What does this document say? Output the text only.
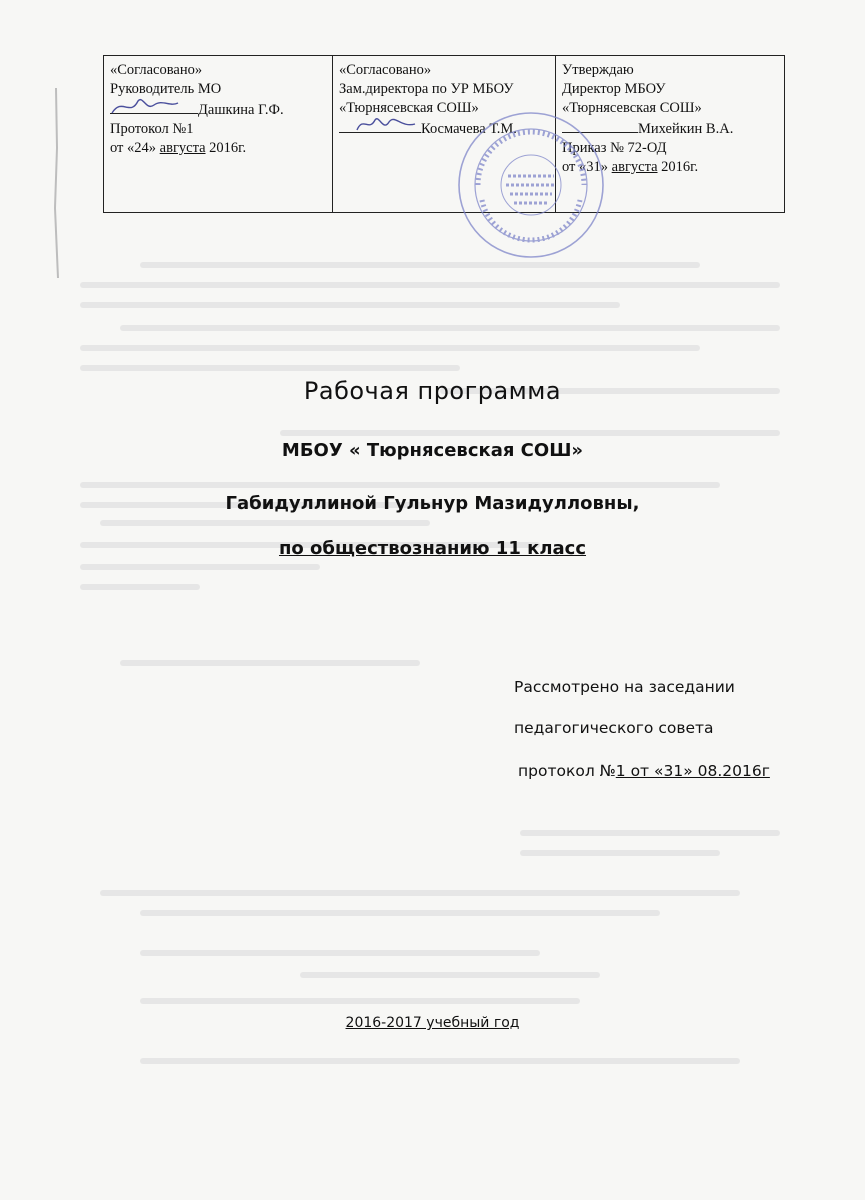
«Согласовано»
Руководитель МО
Дашкина Г.Ф.
Протокол №1
от «24» августа 2016г.

«Согласовано»
Зам.директора по УР МБОУ
«Тюрнясевская СОШ»
Космачева Т.М.

Утверждаю
Директор МБОУ
«Тюрнясевская СОШ»
Михейкин В.А.
Приказ № 72-ОД
от «31» августа 2016г.
Рабочая программа
МБОУ « Тюрнясевская СОШ»
Габидуллиной Гульнур Мазидулловны,
по обществознанию 11 класс
Рассмотрено на заседании
педагогического совета
протокол №1 от «31» 08.2016г
2016-2017 учебный год
